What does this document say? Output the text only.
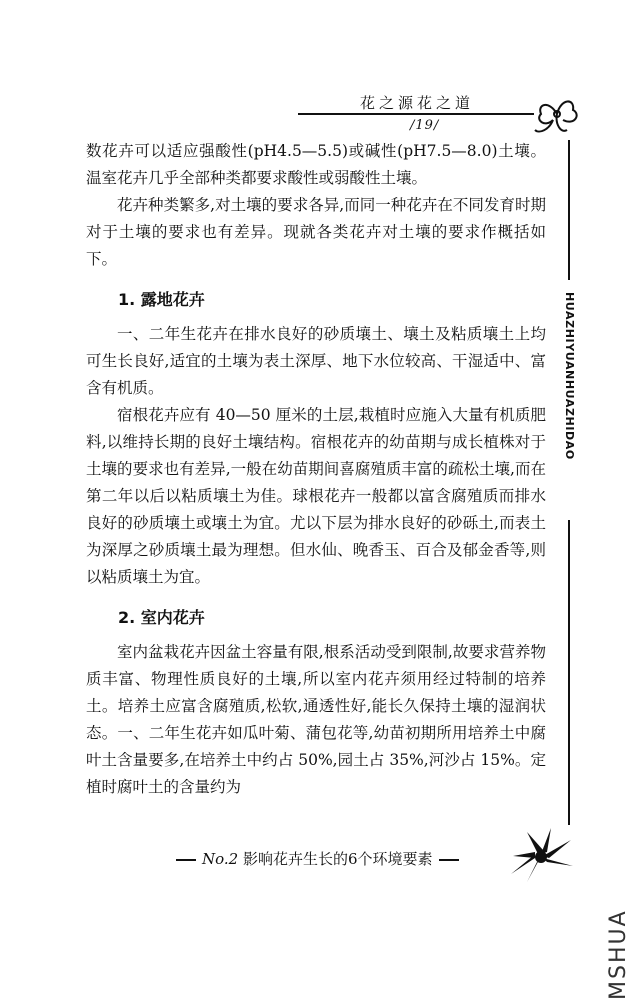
花之源花之道
/19/
HUAZHIYUANHUAZHIDAO

数花卉可以适应强酸性(pH4.5—5.5)或碱性(pH7.5—8.0)土壤。温室花卉几乎全部种类都要求酸性或弱酸性土壤。

花卉种类繁多,对土壤的要求各异,而同一种花卉在不同发育时期对于土壤的要求也有差异。现就各类花卉对土壤的要求作概括如下。

1. 露地花卉

一、二年生花卉在排水良好的砂质壤土、壤土及粘质壤土上均可生长良好,适宜的土壤为表土深厚、地下水位较高、干湿适中、富含有机质。

宿根花卉应有 40—50 厘米的土层,栽植时应施入大量有机质肥料,以维持长期的良好土壤结构。宿根花卉的幼苗期与成长植株对于土壤的要求也有差异,一般在幼苗期间喜腐殖质丰富的疏松土壤,而在第二年以后以粘质壤土为佳。球根花卉一般都以富含腐殖质而排水良好的砂质壤土或壤土为宜。尤以下层为排水良好的砂砾土,而表土为深厚之砂质壤土最为理想。但水仙、晚香玉、百合及郁金香等,则以粘质壤土为宜。

2. 室内花卉

室内盆栽花卉因盆土容量有限,根系活动受到限制,故要求营养物质丰富、物理性质良好的土壤,所以室内花卉须用经过特制的培养土。培养土应富含腐殖质,松软,通透性好,能长久保持土壤的湿润状态。一、二年生花卉如瓜叶菊、蒲包花等,幼苗初期所用培养土中腐叶土含量要多,在培养土中约占 50%,园土占 35%,河沙占 15%。定植时腐叶土的含量约为

No.2 影响花卉生长的6个环境要素
MSHUA
